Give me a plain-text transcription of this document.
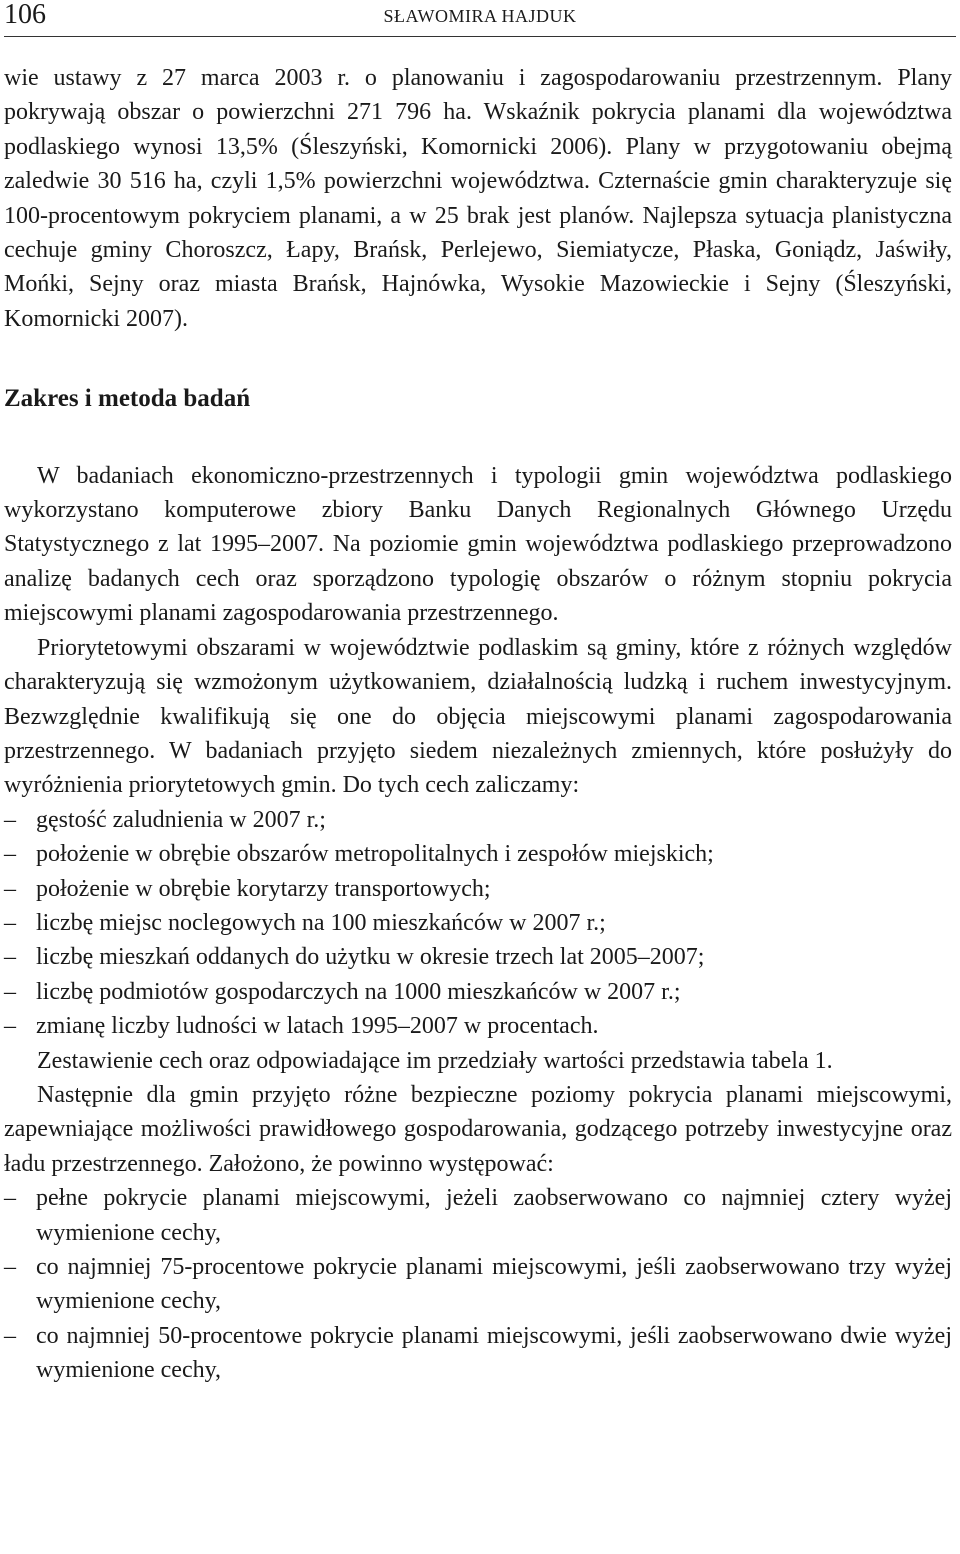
106	SŁAWOMIRA HAJDUK

wie ustawy z 27 marca 2003 r. o planowaniu i zagospodarowaniu przestrzennym. Plany pokrywają obszar o powierzchni 271 796 ha. Wskaźnik pokrycia planami dla województwa podlaskiego wynosi 13,5% (Śleszyński, Komornicki 2006). Plany w przygotowaniu obejmą zaledwie 30 516 ha, czyli 1,5% powierzchni województwa. Czternaście gmin charakteryzuje się 100-procentowym pokryciem planami, a w 25 brak jest planów. Najlepsza sytuacja planistyczna cechuje gminy Choroszcz, Łapy, Brańsk, Perlejewo, Siemiatycze, Płaska, Goniądz, Jaświły, Mońki, Sejny oraz miasta Brańsk, Hajnówka, Wysokie Mazowieckie i Sejny (Śleszyński, Komornicki 2007).

Zakres i metoda badań

W badaniach ekonomiczno-przestrzennych i typologii gmin województwa podlaskiego wykorzystano komputerowe zbiory Banku Danych Regionalnych Głównego Urzędu Statystycznego z lat 1995–2007. Na poziomie gmin województwa podlaskiego przeprowadzono analizę badanych cech oraz sporządzono typologię obszarów o różnym stopniu pokrycia miejscowymi planami zagospodarowania przestrzennego.

Priorytetowymi obszarami w województwie podlaskim są gminy, które z różnych względów charakteryzują się wzmożonym użytkowaniem, działalnością ludzką i ruchem inwestycyjnym. Bezwzględnie kwalifikują się one do objęcia miejscowymi planami zagospodarowania przestrzennego. W badaniach przyjęto siedem niezależnych zmiennych, które posłużyły do wyróżnienia priorytetowych gmin. Do tych cech zaliczamy:

– gęstość zaludnienia w 2007 r.;
– położenie w obrębie obszarów metropolitalnych i zespołów miejskich;
– położenie w obrębie korytarzy transportowych;
– liczbę miejsc noclegowych na 100 mieszkańców w 2007 r.;
– liczbę mieszkań oddanych do użytku w okresie trzech lat 2005–2007;
– liczbę podmiotów gospodarczych na 1000 mieszkańców w 2007 r.;
– zmianę liczby ludności w latach 1995–2007 w procentach.

Zestawienie cech oraz odpowiadające im przedziały wartości przedstawia tabela 1.

Następnie dla gmin przyjęto różne bezpieczne poziomy pokrycia planami miejscowymi, zapewniające możliwości prawidłowego gospodarowania, godzącego potrzeby inwestycyjne oraz ładu przestrzennego. Założono, że powinno występować:

– pełne pokrycie planami miejscowymi, jeżeli zaobserwowano co najmniej cztery wyżej wymienione cechy,
– co najmniej 75-procentowe pokrycie planami miejscowymi, jeśli zaobserwowano trzy wyżej wymienione cechy,
– co najmniej 50-procentowe pokrycie planami miejscowymi, jeśli zaobserwowano dwie wyżej wymienione cechy,
